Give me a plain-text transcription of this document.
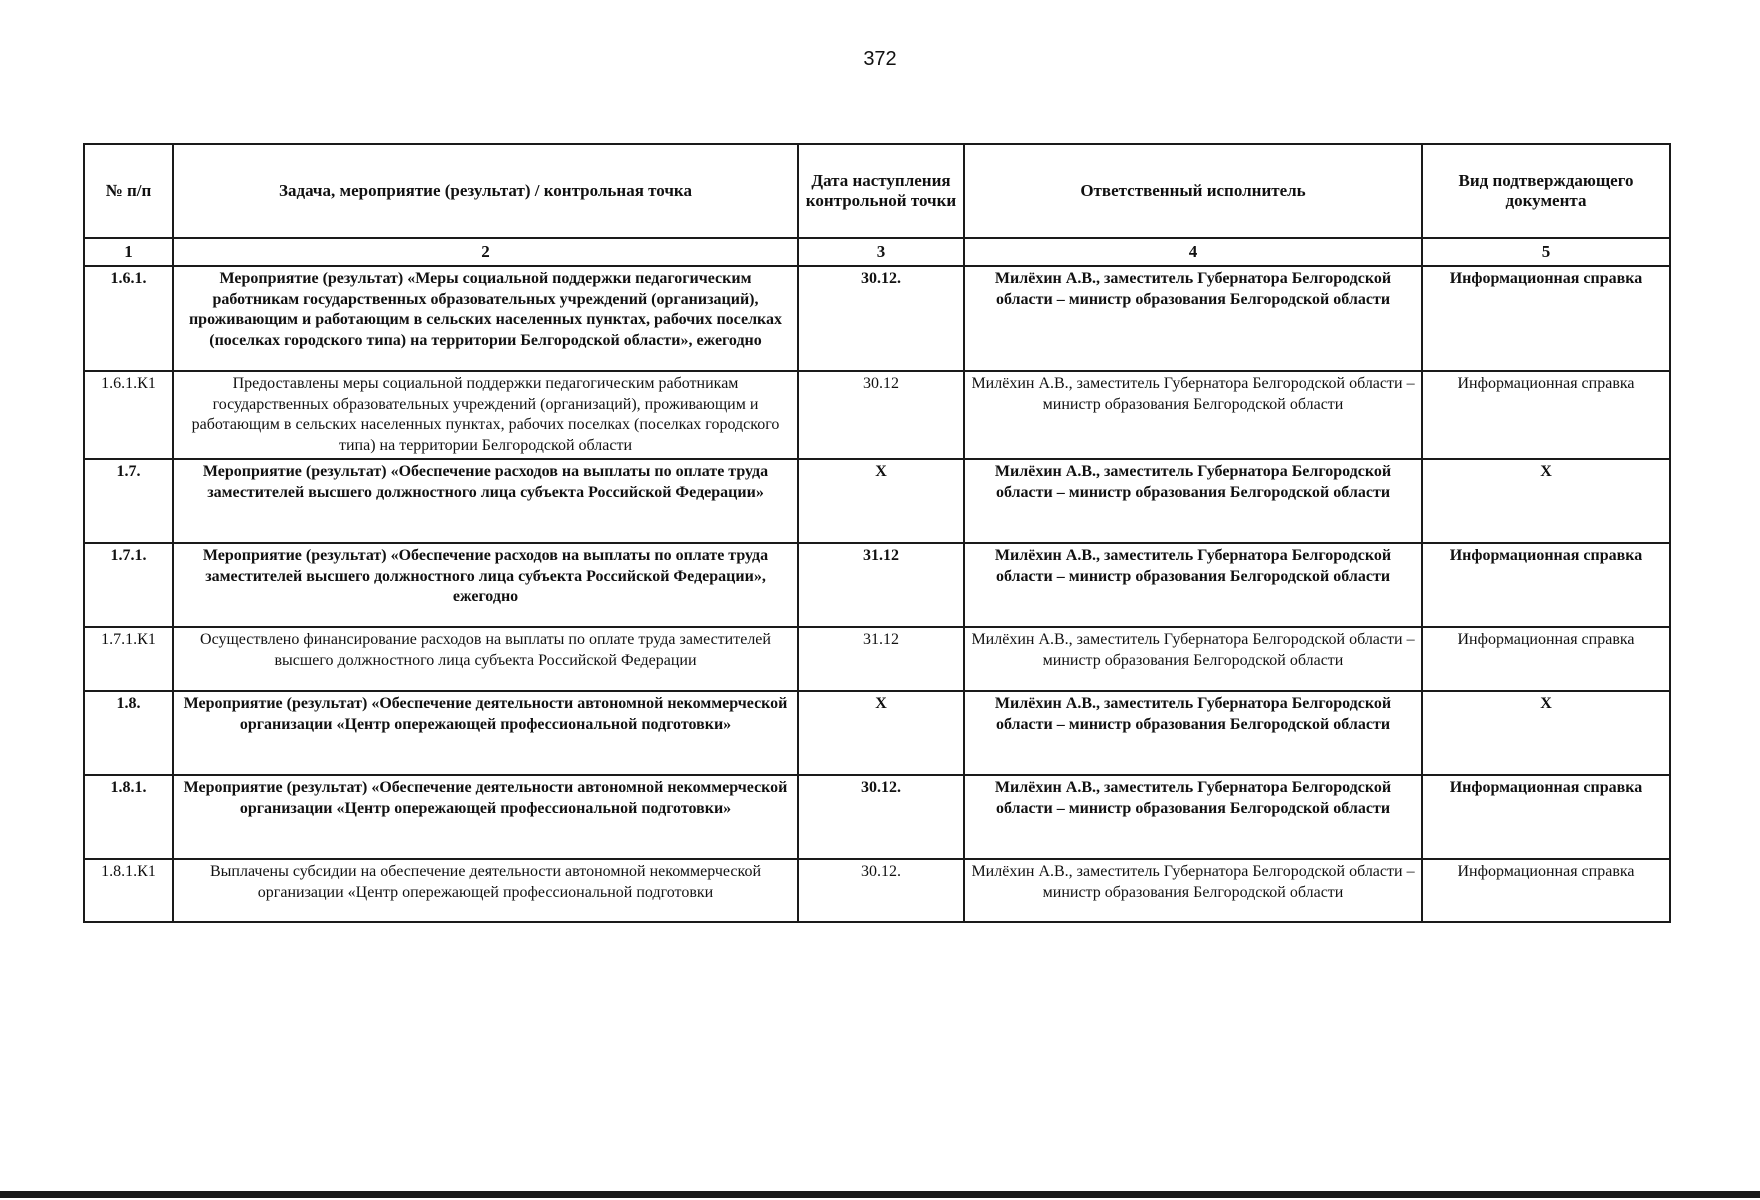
372
№ п/п	Задача, мероприятие (результат) / контрольная точка	Дата наступления контрольной точки	Ответственный исполнитель	Вид подтверждающего документа
1	2	3	4	5
1.6.1.	Мероприятие (результат) «Меры социальной поддержки педагогическим работникам государственных образовательных учреждений (организаций), проживающим и работающим в сельских населенных пунктах, рабочих поселках (поселках городского типа) на территории Белгородской области», ежегодно	30.12.	Милёхин А.В., заместитель Губернатора Белгородской области – министр образования Белгородской области	Информационная справка
1.6.1.К1	Предоставлены меры социальной поддержки педагогическим работникам государственных образовательных учреждений (организаций), проживающим и работающим в сельских населенных пунктах, рабочих поселках (поселках городского типа) на территории Белгородской области	30.12	Милёхин А.В., заместитель Губернатора Белгородской области – министр образования Белгородской области	Информационная справка
1.7.	Мероприятие (результат) «Обеспечение расходов на выплаты по оплате труда заместителей высшего должностного лица субъекта Российской Федерации»	Х	Милёхин А.В., заместитель Губернатора Белгородской области – министр образования Белгородской области	Х
1.7.1.	Мероприятие (результат) «Обеспечение расходов на выплаты по оплате труда заместителей высшего должностного лица субъекта Российской Федерации», ежегодно	31.12	Милёхин А.В., заместитель Губернатора Белгородской области – министр образования Белгородской области	Информационная справка
1.7.1.К1	Осуществлено финансирование расходов на выплаты по оплате труда заместителей высшего должностного лица субъекта Российской Федерации	31.12	Милёхин А.В., заместитель Губернатора Белгородской области – министр образования Белгородской области	Информационная справка
1.8.	Мероприятие (результат) «Обеспечение деятельности автономной некоммерческой организации «Центр опережающей профессиональной подготовки»	Х	Милёхин А.В., заместитель Губернатора Белгородской области – министр образования Белгородской области	Х
1.8.1.	Мероприятие (результат) «Обеспечение деятельности автономной некоммерческой организации «Центр опережающей профессиональной подготовки»	30.12.	Милёхин А.В., заместитель Губернатора Белгородской области – министр образования Белгородской области	Информационная справка
1.8.1.К1	Выплачены субсидии на обеспечение деятельности автономной некоммерческой организации «Центр опережающей профессиональной подготовки	30.12.	Милёхин А.В., заместитель Губернатора Белгородской области – министр образования Белгородской области	Информационная справка
